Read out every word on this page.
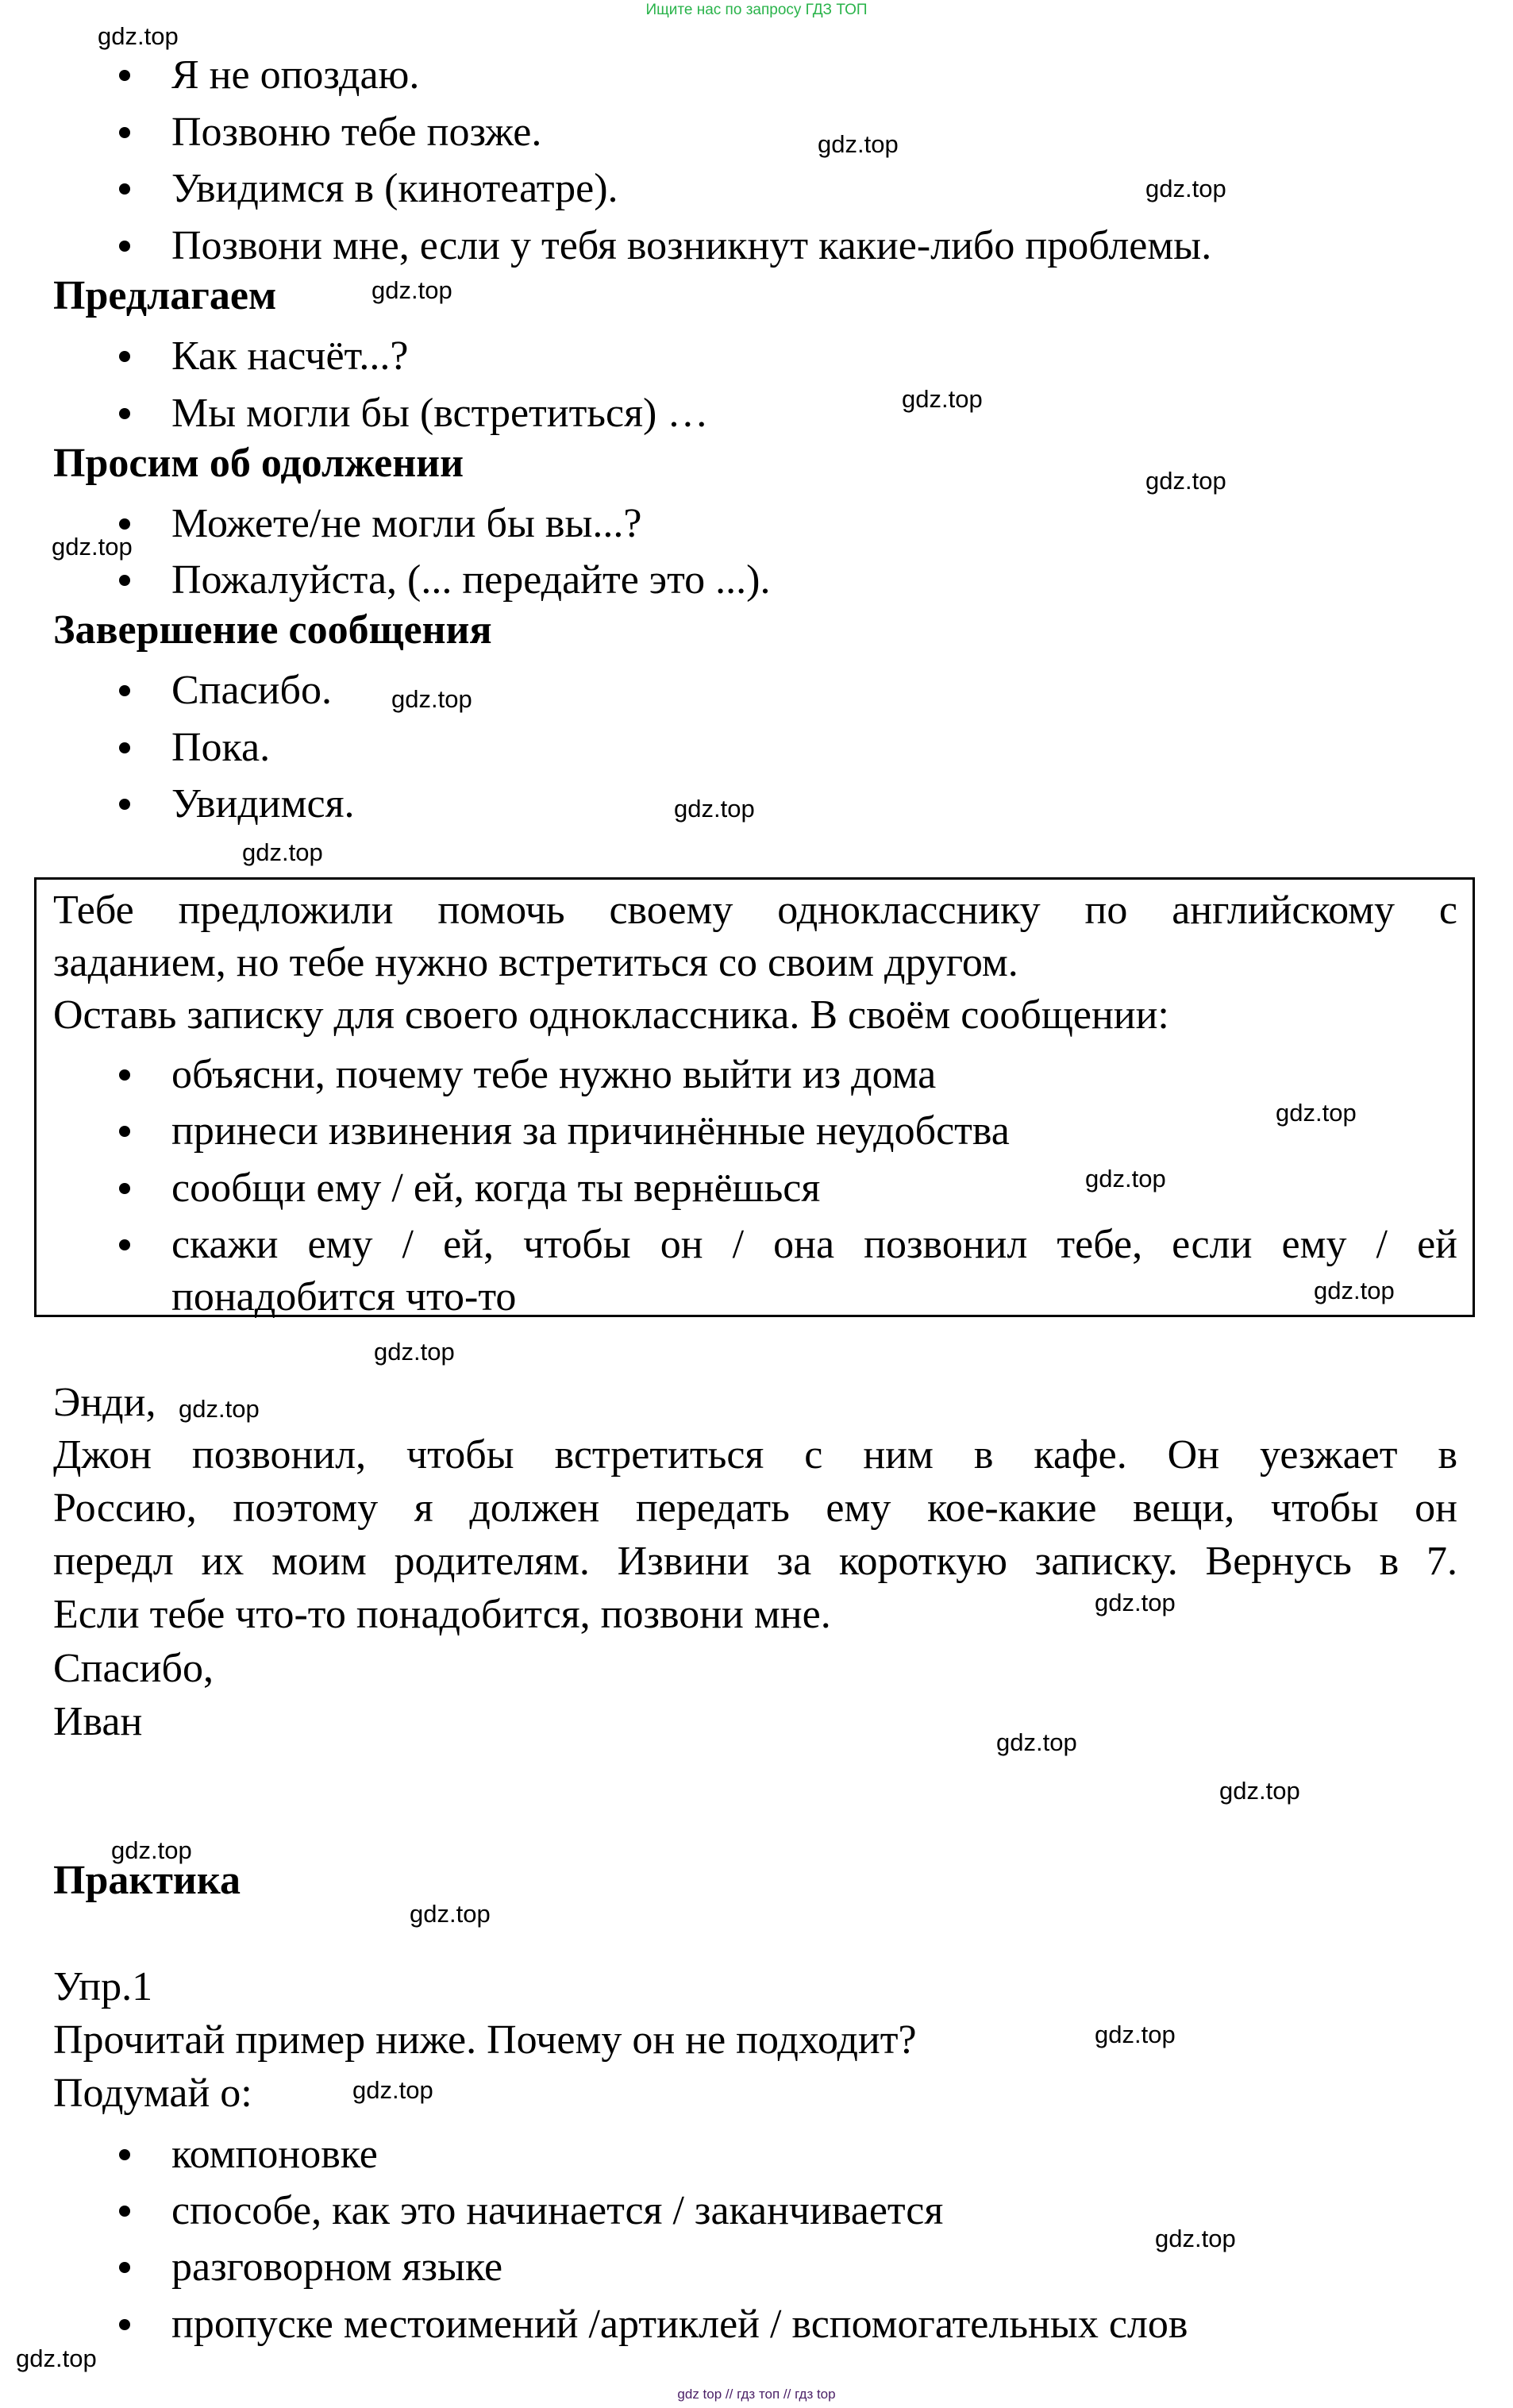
Ищите нас по запросу ГДЗ ТОП
gdz.top
gdz.top
gdz.top
gdz.top
gdz.top
gdz.top
gdz.top
gdz.top
gdz.top
gdz.top
gdz.top
gdz.top
gdz.top
gdz.top
gdz.top
gdz.top
gdz.top
gdz.top
gdz.top
gdz.top
gdz.top
gdz.top
gdz.top
gdz.top
Я не опоздаю.
Позвоню тебе позже.
Увидимся в (кинотеатре).
Позвони мне, если у тебя возникнут какие-либо проблемы.
Предлагаем
Как насчёт...?
Мы могли бы (встретиться) …
Просим об одолжении
Можете/не могли бы вы...?
Пожалуйста, (... передайте это ...).
Завершение сообщения
Спасибо.
Пока.
Увидимся.
Тебе предложили помочь своему однокласснику по английскому с
заданием, но тебе нужно встретиться со своим другом.
Оставь записку для своего одноклассника. В своём сообщении:
объясни, почему тебе нужно выйти из дома
принеси извинения за причинённые неудобства
сообщи ему / ей, когда ты вернёшься
скажи ему / ей, чтобы он / она позвонил тебе, если ему / ей
понадобится что-то
Энди,
Джон позвонил, чтобы встретиться с ним в кафе. Он уезжает в
Россию, поэтому я должен передать ему кое-какие вещи, чтобы он
передл их моим родителям. Извини за короткую записку. Вернусь в 7.
Если тебе что-то понадобится, позвони мне.
Спасибо,
Иван
Практика
Упр.1
Прочитай пример ниже. Почему он не подходит?
Подумай о:
компоновке
способе, как это начинается / заканчивается
разговорном языке
пропуске местоимений /артиклей / вспомогательных слов
gdz top // гдз топ // гдз top
